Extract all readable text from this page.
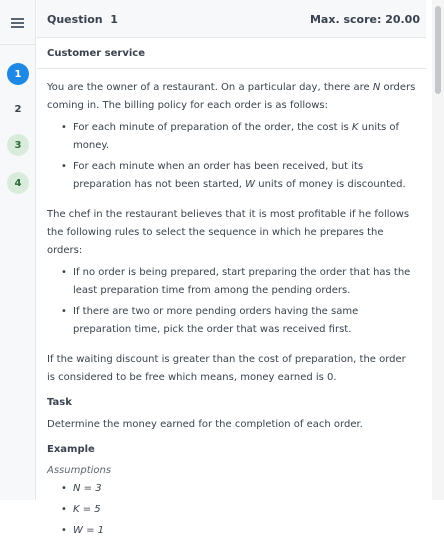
1
2
3
4
Question 1	Max. score: 20.00
Customer service

You are the owner of a restaurant. On a particular day, there are N orders coming in. The billing policy for each order is as follows:

• For each minute of preparation of the order, the cost is K units of money.
• For each minute when an order has been received, but its preparation has not been started, W units of money is discounted.

The chef in the restaurant believes that it is most profitable if he follows the following rules to select the sequence in which he prepares the orders:

• If no order is being prepared, start preparing the order that has the least preparation time from among the pending orders.
• If there are two or more pending orders having the same preparation time, pick the order that was received first.

If the waiting discount is greater than the cost of preparation, the order is considered to be free which means, money earned is 0.

Task

Determine the money earned for the completion of each order.

Example
Assumptions
• N = 3
• K = 5
• W = 1
